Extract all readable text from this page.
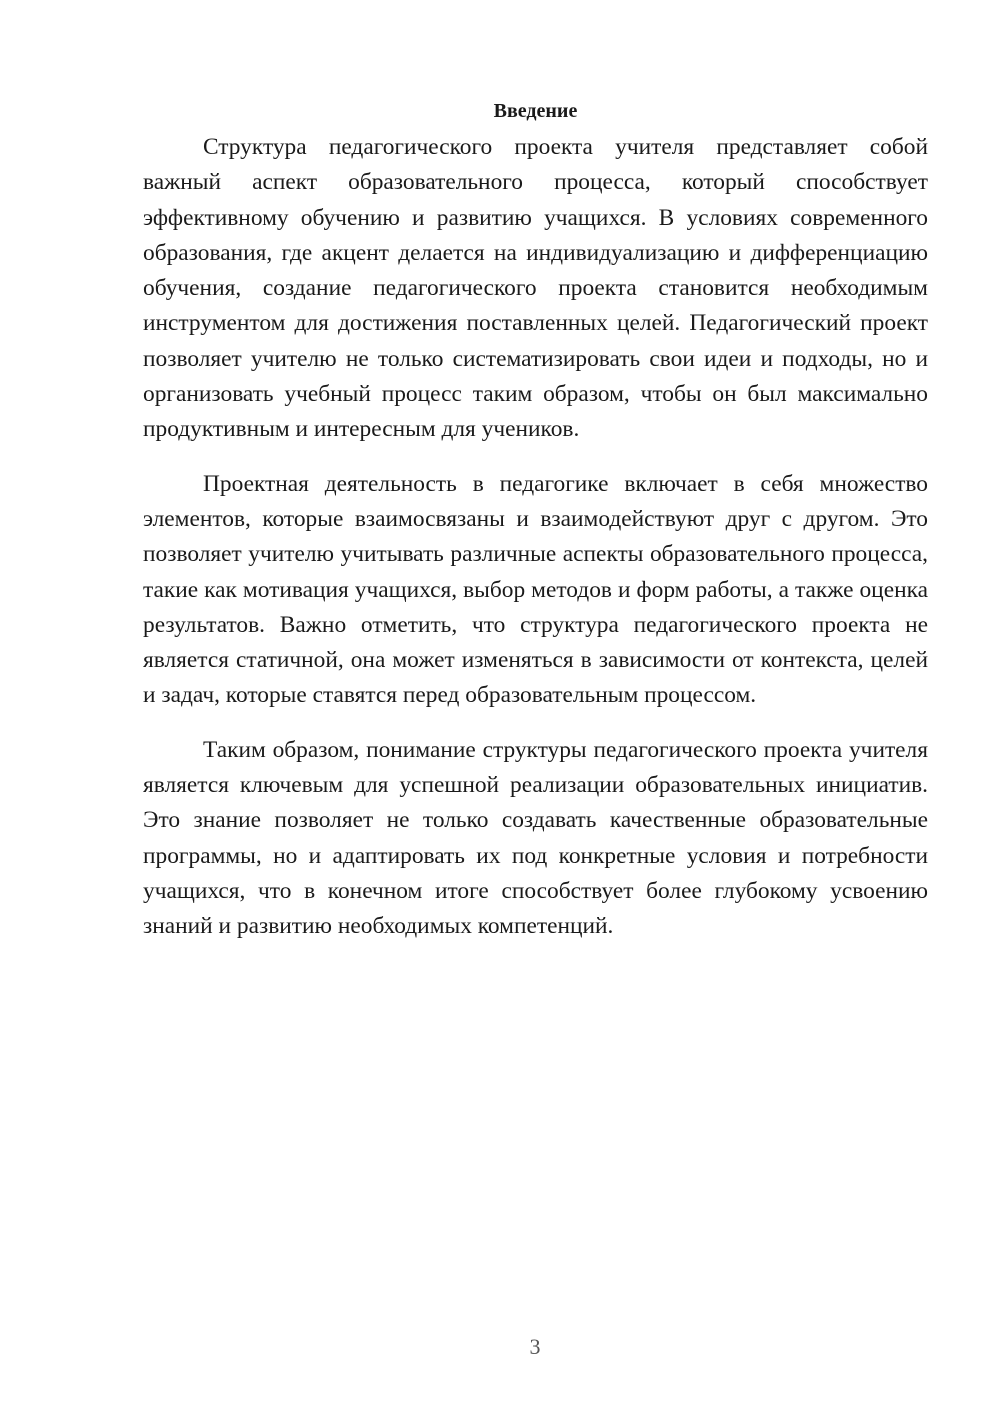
Введение

Структура педагогического проекта учителя представляет собой важный аспект образовательного процесса, который способствует эффективному обучению и развитию учащихся. В условиях современного образования, где акцент делается на индивидуализацию и дифференциацию обучения, создание педагогического проекта становится необходимым инструментом для достижения поставленных целей. Педагогический проект позволяет учителю не только систематизировать свои идеи и подходы, но и организовать учебный процесс таким образом, чтобы он был максимально продуктивным и интересным для учеников.

Проектная деятельность в педагогике включает в себя множество элементов, которые взаимосвязаны и взаимодействуют друг с другом. Это позволяет учителю учитывать различные аспекты образовательного процесса, такие как мотивация учащихся, выбор методов и форм работы, а также оценка результатов. Важно отметить, что структура педагогического проекта не является статичной, она может изменяться в зависимости от контекста, целей и задач, которые ставятся перед образовательным процессом.

Таким образом, понимание структуры педагогического проекта учителя является ключевым для успешной реализации образовательных инициатив. Это знание позволяет не только создавать качественные образовательные программы, но и адаптировать их под конкретные условия и потребности учащихся, что в конечном итоге способствует более глубокому усвоению знаний и развитию необходимых компетенций.

3
